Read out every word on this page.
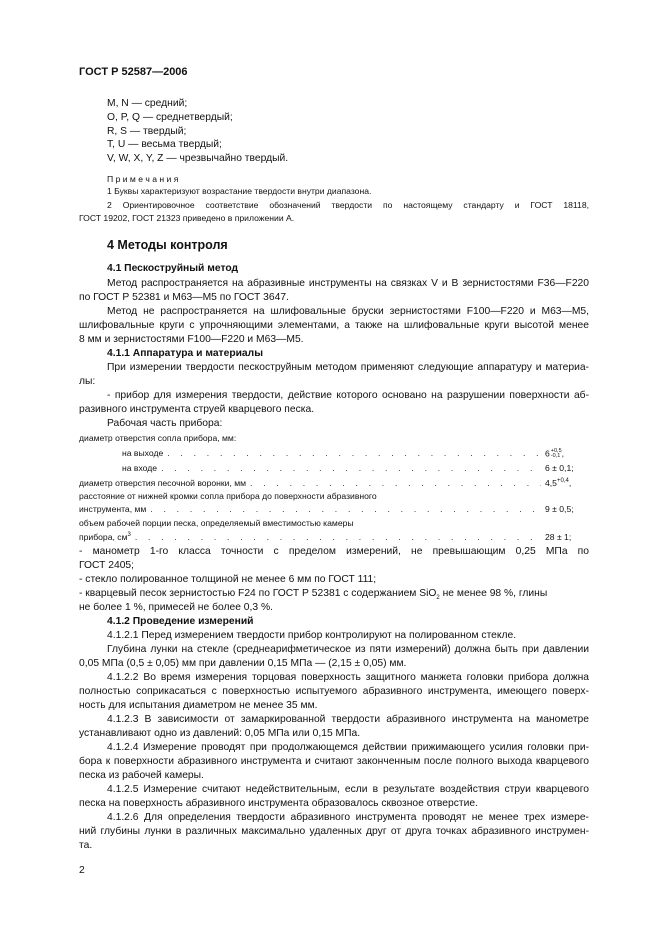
ГОСТ Р 52587—2006
M, N — средний;
O, P, Q — среднетвердый;
R, S — твердый;
T, U — весьма твердый;
V, W, X, Y, Z — чрезвычайно твердый.
П р и м е ч а н и я
1 Буквы характеризуют возрастание твердости внутри диапазона.
2 Ориентировочное соответствие обозначений твердости по настоящему стандарту и ГОСТ 18118,
ГОСТ 19202, ГОСТ 21323 приведено в приложении А.
4 Методы контроля
4.1 Пескоструйный метод
Метод распространяется на абразивные инструменты на связках V и B зернистостями F36—F220
по ГОСТ Р 52381 и М63—М5 по ГОСТ 3647.
Метод не распространяется на шлифовальные бруски зернистостями F100—F220 и М63—М5,
шлифовальные круги с упрочняющими элементами, а также на шлифовальные круги высотой менее
8 мм и зернистостями F100—F220 и М63—М5.
4.1.1 Аппаратура и материалы
При измерении твердости пескоструйным методом применяют следующие аппаратуру и материа-
лы:
- прибор для измерения твердости, действие которого основано на разрушении поверхности аб-
разивного инструмента струей кварцевого песка.
Рабочая часть прибора:
диаметр отверстия сопла прибора, мм:
на выходе . . .	6+0,5
-0,1,
на входе . . .	6 ± 0,1;
диаметр отверстия песочной воронки, мм . . .	$4,5^{+0,4}$,
расстояние от нижней кромки сопла прибора до поверхности абразивного
инструмента, мм . . .	9 ± 0,5;
объем рабочей порции песка, определяемый вместимостью камеры
прибора, $см^3$ . . .	28 ± 1;
- манометр 1-го класса точности с пределом измерений, не превышающим 0,25 МПа по
ГОСТ 2405;
- стекло полированное толщиной не менее 6 мм по ГОСТ 111;
- кварцевый песок зернистостью F24 по ГОСТ Р 52381 с содержанием SiO$_2$ не менее 98 %, глины
не более 1 %, примесей не более 0,3 %.
4.1.2 Проведение измерений
4.1.2.1 Перед измерением твердости прибор контролируют на полированном стекле.
Глубина лунки на стекле (среднеарифметическое из пяти измерений) должна быть при давлении
0,05 МПа (0,5 ± 0,05) мм при давлении 0,15 МПа — (2,15 ± 0,05) мм.
4.1.2.2 Во время измерения торцовая поверхность защитного манжета головки прибора должна
полностью соприкасаться с поверхностью испытуемого абразивного инструмента, имеющего поверх-
ность для испытания диаметром не менее 35 мм.
4.1.2.3 В зависимости от замаркированной твердости абразивного инструмента на манометре
устанавливают одно из давлений: 0,05 МПа или 0,15 МПа.
4.1.2.4 Измерение проводят при продолжающемся действии прижимающего усилия головки при-
бора к поверхности абразивного инструмента и считают законченным после полного выхода кварцевого
песка из рабочей камеры.
4.1.2.5 Измерение считают недействительным, если в результате воздействия струи кварцевого
песка на поверхность абразивного инструмента образовалось сквозное отверстие.
4.1.2.6 Для определения твердости абразивного инструмента проводят не менее трех измере-
ний глубины лунки в различных максимально удаленных друг от друга точках абразивного инструмен-
та.
2
